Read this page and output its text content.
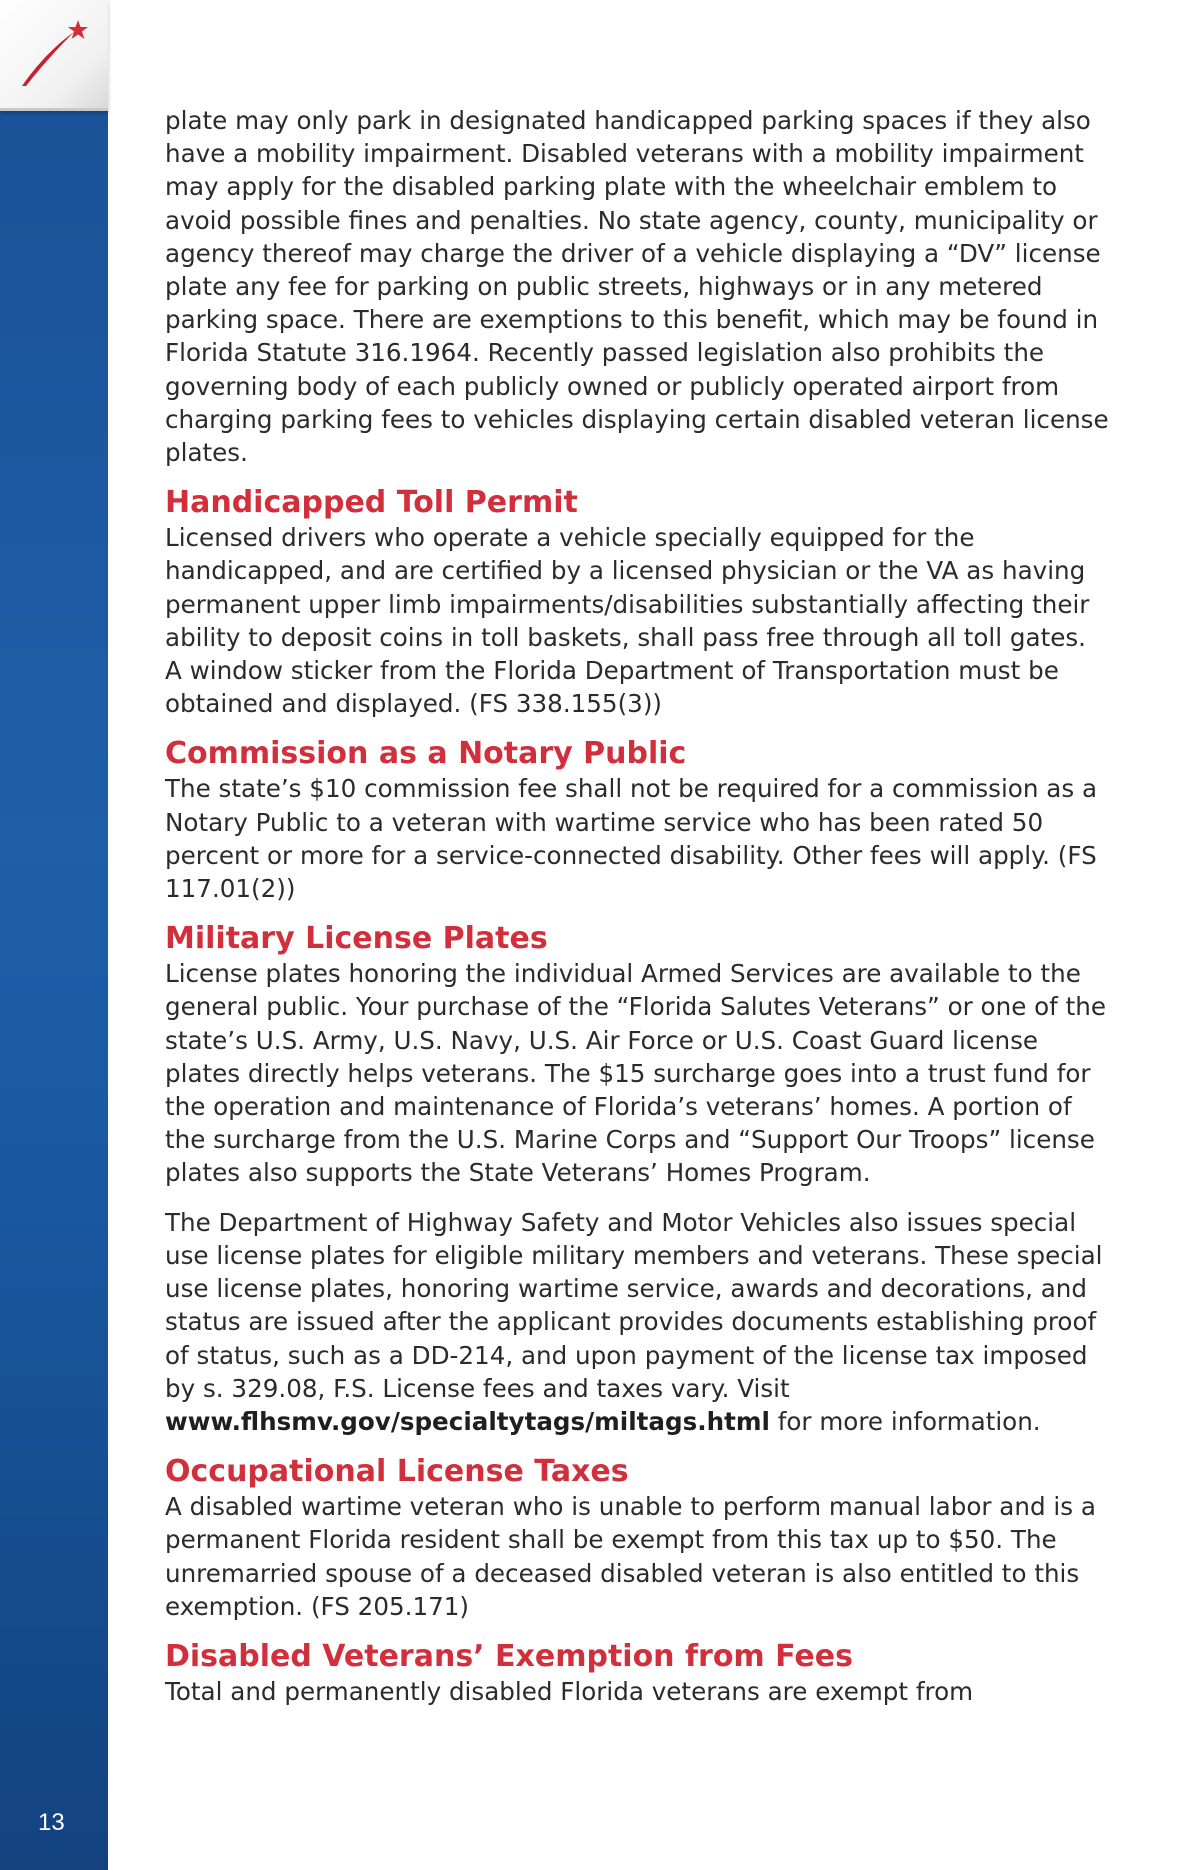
13

plate may only park in designated handicapped parking spaces if they also have a mobility impairment. Disabled veterans with a mobility impairment may apply for the disabled parking plate with the wheelchair emblem to avoid possible fines and penalties. No state agency, county, municipality or agency thereof may charge the driver of a vehicle displaying a “DV” license plate any fee for parking on public streets, highways or in any metered parking space. There are exemptions to this benefit, which may be found in Florida Statute 316.1964. Recently passed legislation also prohibits the governing body of each publicly owned or publicly operated airport from charging parking fees to vehicles displaying certain disabled veteran license plates.

Handicapped Toll Permit

Licensed drivers who operate a vehicle specially equipped for the handicapped, and are certified by a licensed physician or the VA as having permanent upper limb impairments/disabilities substantially affecting their ability to deposit coins in toll baskets, shall pass free through all toll gates. A window sticker from the Florida Department of Transportation must be obtained and displayed. (FS 338.155(3))

Commission as a Notary Public

The state’s $10 commission fee shall not be required for a commission as a Notary Public to a veteran with wartime service who has been rated 50 percent or more for a service-connected disability. Other fees will apply. (FS 117.01(2))

Military License Plates

License plates honoring the individual Armed Services are available to the general public. Your purchase of the “Florida Salutes Veterans” or one of the state’s U.S. Army, U.S. Navy, U.S. Air Force or U.S. Coast Guard license plates directly helps veterans. The $15 surcharge goes into a trust fund for the operation and maintenance of Florida’s veterans’ homes. A portion of the surcharge from the U.S. Marine Corps and “Support Our Troops” license plates also supports the State Veterans’ Homes Program.

The Department of Highway Safety and Motor Vehicles also issues special use license plates for eligible military members and veterans. These special use license plates, honoring wartime service, awards and decorations, and status are issued after the applicant provides documents establishing proof of status, such as a DD-214, and upon payment of the license tax imposed by s. 329.08, F.S. License fees and taxes vary. Visit www.flhsmv.gov/specialtytags/miltags.html for more information.

Occupational License Taxes

A disabled wartime veteran who is unable to perform manual labor and is a permanent Florida resident shall be exempt from this tax up to $50. The unremarried spouse of a deceased disabled veteran is also entitled to this exemption. (FS 205.171)

Disabled Veterans’ Exemption from Fees

Total and permanently disabled Florida veterans are exempt from
